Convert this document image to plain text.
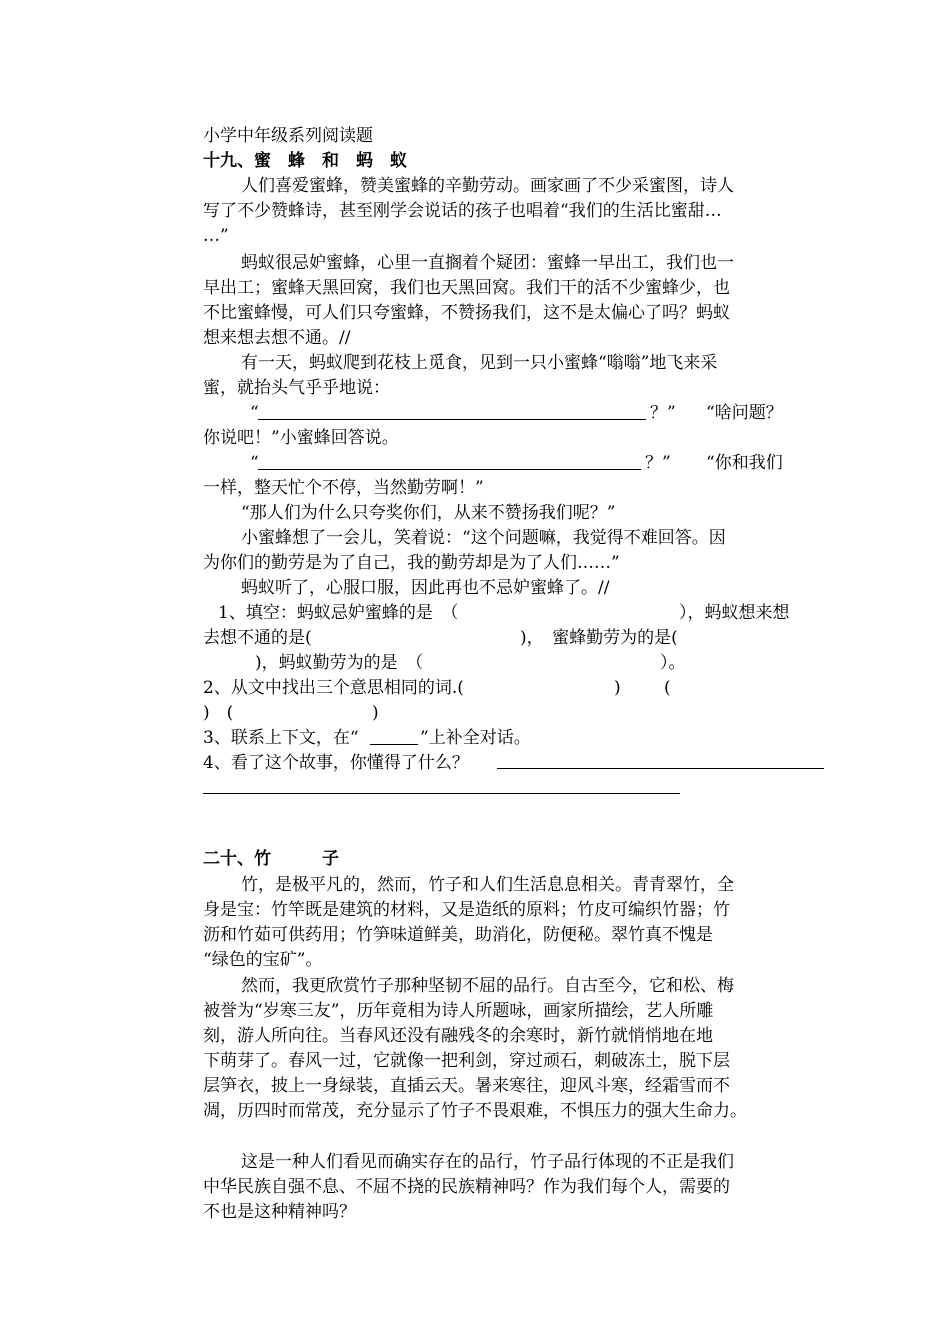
小学中年级系列阅读题
十九、蜜　蜂　和　蚂　蚁
人们喜爱蜜蜂，赞美蜜蜂的辛勤劳动。画家画了不少采蜜图，诗人
写了不少赞蜂诗，甚至刚学会说话的孩子也唱着“我们的生活比蜜甜…
…”
蚂蚁很忌妒蜜蜂，心里一直搁着个疑团：蜜蜂一早出工，我们也一
早出工；蜜蜂天黑回窝，我们也天黑回窝。我们干的活不少蜜蜂少，也
不比蜜蜂慢，可人们只夸蜜蜂，不赞扬我们，这不是太偏心了吗？蚂蚁
想来想去想不通。//
有一天，蚂蚁爬到花枝上觅食，见到一只小蜜蜂“嗡嗡”地飞来采
蜜，就抬头气乎乎地说：
“	？” “啥问题？
你说吧！”小蜜蜂回答说。
“	？” “你和我们
一样，整天忙个不停，当然勤劳啊！”
“那人们为什么只夸奖你们，从来不赞扬我们呢？”
小蜜蜂想了一会儿，笑着说：“这个问题嘛，我觉得不难回答。因
为你们的勤劳是为了自己，我的勤劳却是为了人们……”
蚂蚁听了，心服口服，因此再也不忌妒蜜蜂了。//
1、填空：蚂蚁忌妒蜜蜂的是　（	），蚂蚁想来想
去想不通的是(	)，　蜜蜂勤劳为的是(
)，蚂蚁勤劳为的是　（	）。
2、从文中找出三个意思相同的词.(	)	(
)　(	)
3、联系上下文，在“	”上补全对话。
4、看了这个故事，你懂得了什么？
二十、竹　　　子
竹，是极平凡的，然而，竹子和人们生活息息相关。青青翠竹，全
身是宝：竹竿既是建筑的材料，又是造纸的原料；竹皮可编织竹器；竹
沥和竹茹可供药用；竹笋味道鲜美，助消化，防便秘。翠竹真不愧是
“绿色的宝矿”。
然而，我更欣赏竹子那种坚韧不屈的品行。自古至今，它和松、梅
被誉为“岁寒三友”，历年竟相为诗人所题咏，画家所描绘，艺人所雕
刻，游人所向往。当春风还没有融残冬的余寒时，新竹就悄悄地在地
下萌芽了。春风一过，它就像一把利剑，穿过顽石，刺破冻土，脱下层
层笋衣，披上一身绿装，直插云天。暑来寒往，迎风斗寒，经霜雪而不
凋，历四时而常茂，充分显示了竹子不畏艰难，不惧压力的强大生命力。
这是一种人们看见而确实存在的品行，竹子品行体现的不正是我们
中华民族自强不息、不屈不挠的民族精神吗？作为我们每个人，需要的
不也是这种精神吗？
